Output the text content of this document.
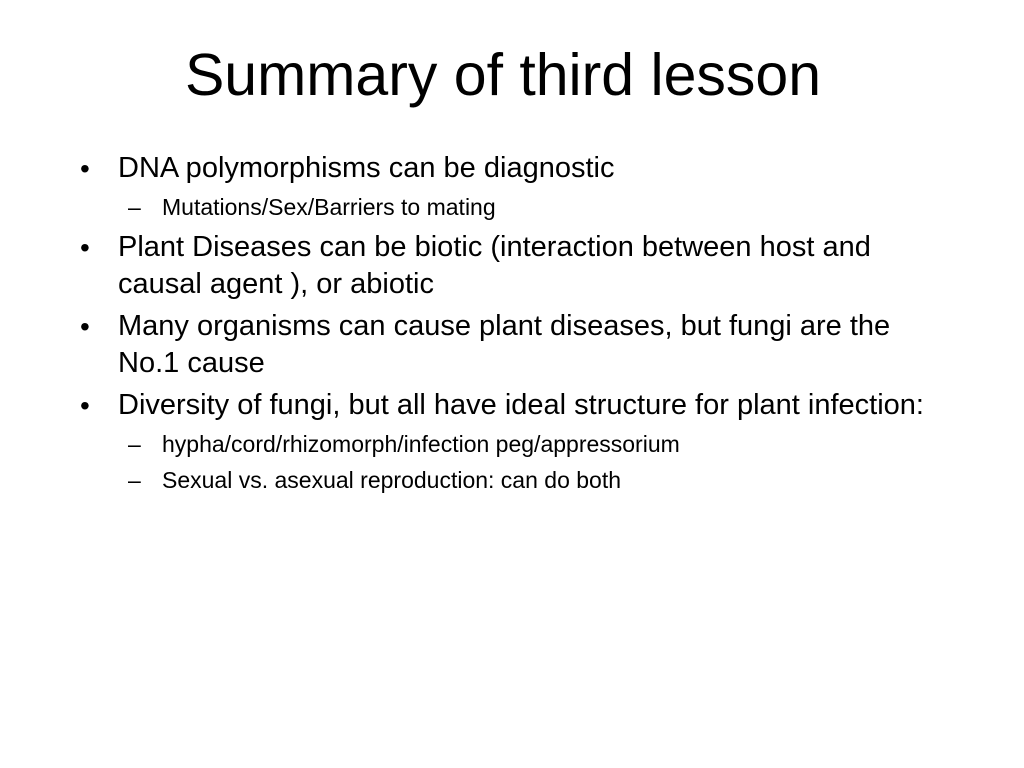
Summary of third lesson
• DNA polymorphisms can be diagnostic
– Mutations/Sex/Barriers to mating
• Plant Diseases can be biotic (interaction between host and causal agent ), or abiotic
• Many organisms can cause plant diseases, but fungi are the No.1 cause
• Diversity of fungi, but all have ideal structure for plant infection:
– hypha/cord/rhizomorph/infection peg/appressorium
– Sexual vs. asexual reproduction: can do both
